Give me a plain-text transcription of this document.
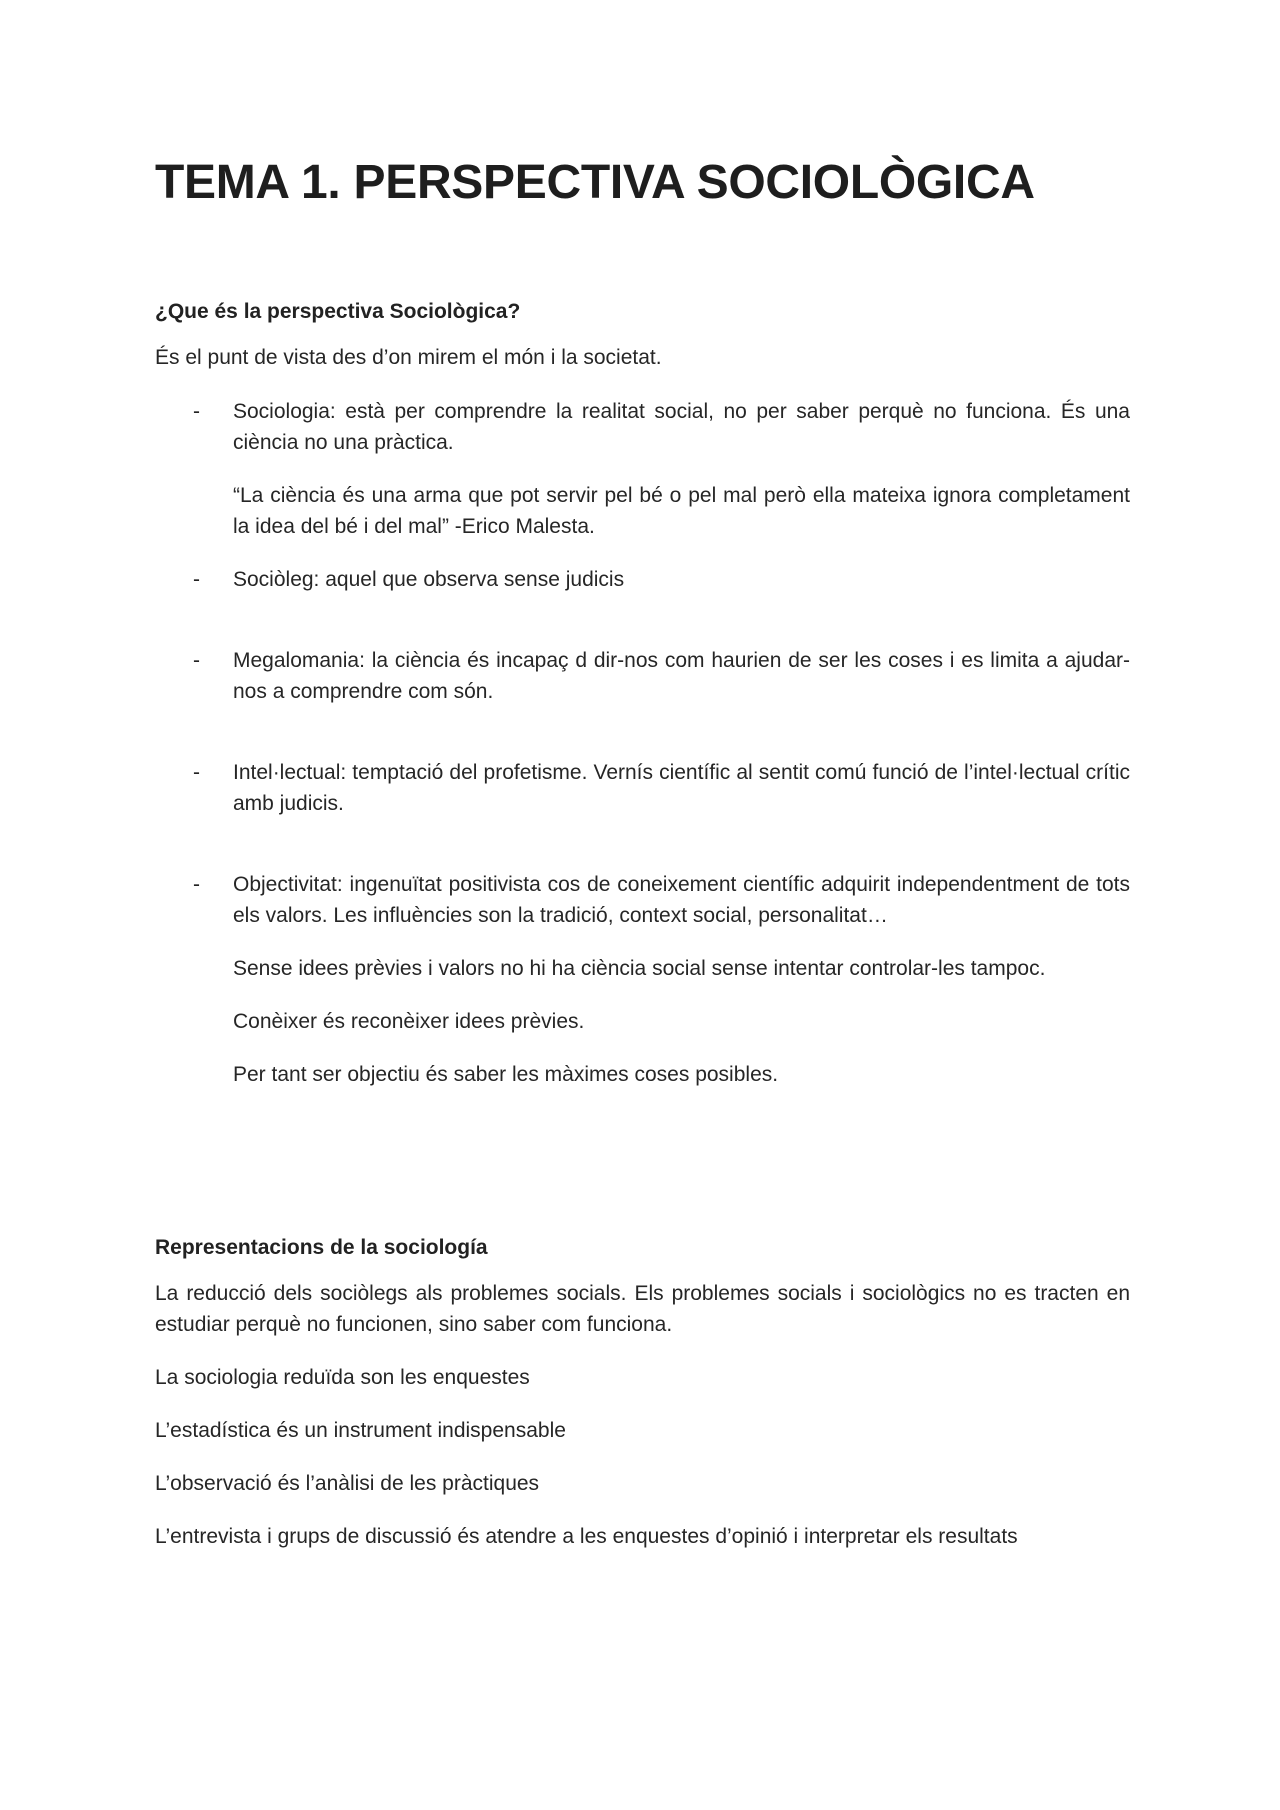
TEMA 1. PERSPECTIVA SOCIOLÒGICA
¿Que és la perspectiva Sociològica?

És el punt de vista des d’on mirem el món i la societat.

- Sociologia: està per comprendre la realitat social, no per saber perquè no funciona. És una ciència no una pràctica.

“La ciència és una arma que pot servir pel bé o pel mal però ella mateixa ignora completament la idea del bé i del mal” -Erico Malesta.

- Sociòleg: aquel que observa sense judicis

- Megalomania: la ciència és incapaç d dir-nos com haurien de ser les coses i es limita a ajudar-nos a comprendre com són.

- Intel·lectual: temptació del profetisme. Vernís científic al sentit comú funció de l’intel·lectual crític amb judicis.

- Objectivitat: ingenuïtat positivista cos de coneixement científic adquirit independentment de tots els valors. Les influències son la tradició, context social, personalitat…

Sense idees prèvies i valors no hi ha ciència social sense intentar controlar-les tampoc.

Conèixer és reconèixer idees prèvies.

Per tant ser objectiu és saber les màximes coses posibles.

Representacions de la sociología

La reducció dels sociòlegs als problemes socials. Els problemes socials i sociològics no es tracten en estudiar perquè no funcionen, sino saber com funciona.

La sociologia reduïda son les enquestes

L’estadística és un instrument indispensable

L’observació és l’anàlisi de les pràctiques

L’entrevista i grups de discussió és atendre a les enquestes d’opinió i interpretar els resultats
